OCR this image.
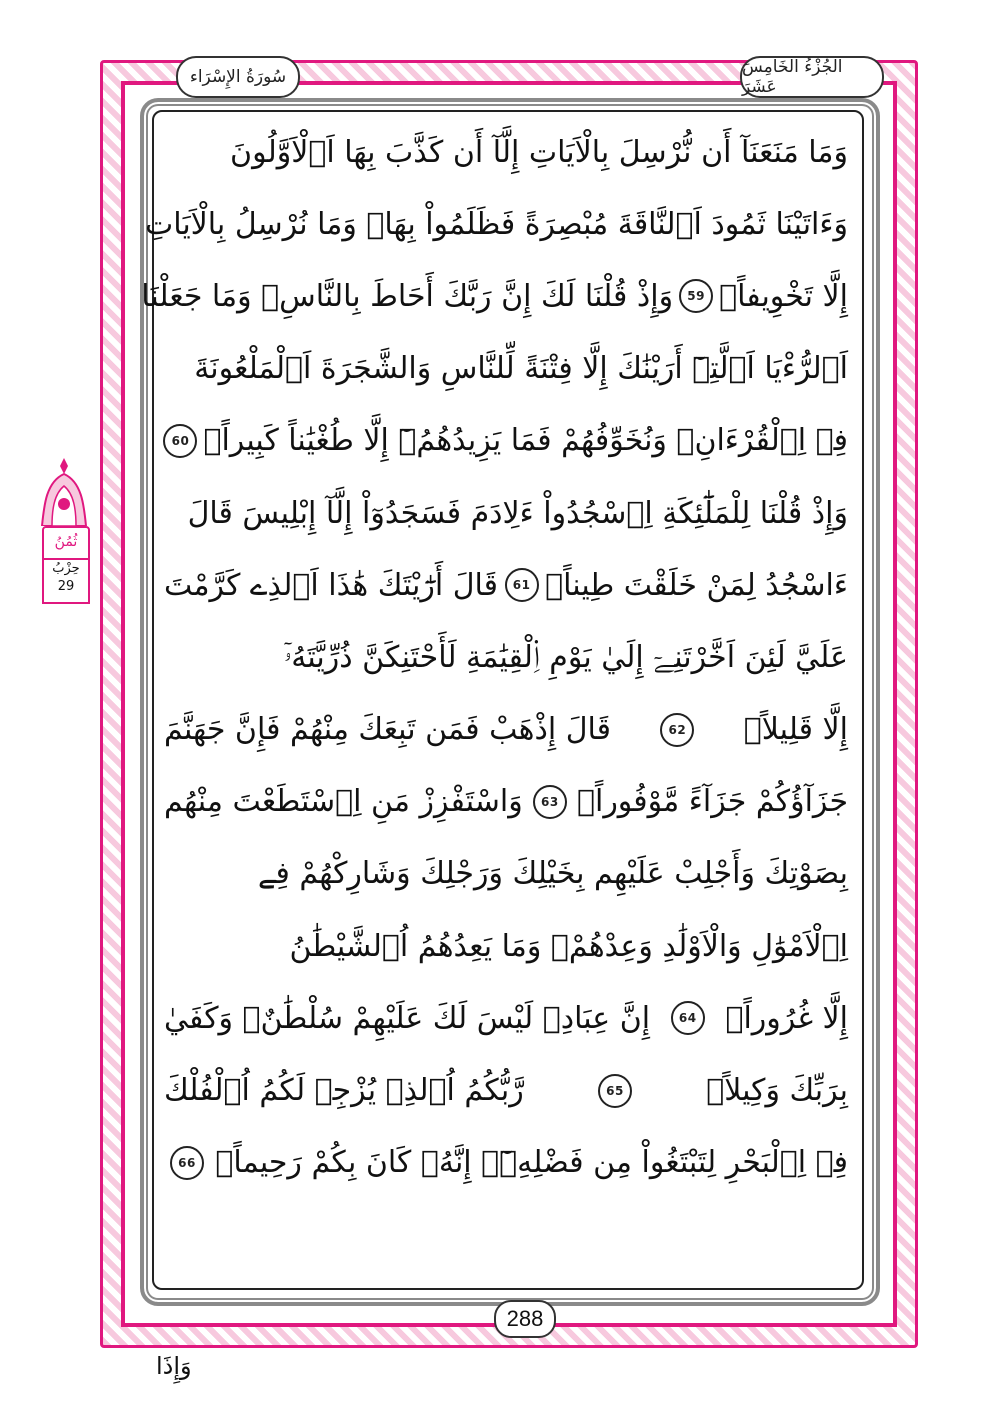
سُورَةُ الإِسْرَاء	الجُزْءُ الخَامِسَ عَشَرَ
وَمَا مَنَعَنَآ أَن نُّرْسِلَ بِالْاَيَاتِ إِلَّآ أَن كَذَّبَ بِهَا اَ۬لْاَوَّلُونَ
وَءَاتَيْنَا ثَمُودَ اَ۬لنَّاقَةَ مُبْصِرَةً فَظَلَمُواْ بِهَاۖ وَمَا نُرْسِلُ بِالْاَيَاتِ
إِلَّا تَخْوِيفاًۖ
59
وَإِذْ قُلْنَا لَكَ إِنَّ رَبَّكَ أَحَاطَ بِالنَّاسِۖ وَمَا جَعَلْنَا
اَ۬لرُّءْيَا اَ۬لَّتِےٓ أَرَيْنَٰكَ إِلَّا فِتْنَةً لِّلنَّاسِ وَالشَّجَرَةَ اَ۬لْمَلْعُونَةَ
فِے اِ۬لْقُرْءَانِۖ وَنُخَوِّفُهُمْ فَمَا يَزِيدُهُمُۥٓ إِلَّا طُغْيَٰناً كَبِيراًۖ
60
وَإِذْ قُلْنَا لِلْمَلَٰٓئِكَةِ اِ۪سْجُدُواْ ءَلِادَمَ فَسَجَدُوٓاْ إِلَّآ إِبْلِيسَ قَالَ
ءَاسْجُدُ لِمَنْ خَلَقْتَ طِيناًۖ
61
قَالَ أَرَٰٓيْتَكَ هَٰذَا اَ۬لذِے كَرَّمْتَ
عَلَيَّ لَئِنَ اَخَّرْتَنِےٓ إِلَيٰ يَوْمِ اِ۬لْقِيَٰمَةِ لَأَحْتَنِكَنَّ ذُرِّيَّتَهُۥٓ
إِلَّا قَلِيلاًۖ
62
قَالَ إِذْهَبْ فَمَن تَبِعَكَ مِنْهُمْ فَإِنَّ جَهَنَّمَ
جَزَآؤُكُمْ جَزَآءً مَّوْفُوراًۖ
63
وَاسْتَفْزِزْ مَنِ اِ۪سْتَطَعْتَ مِنْهُم
بِصَوْتِكَ وَأَجْلِبْ عَلَيْهِم بِخَيْلِكَ وَرَجْلِكَ وَشَارِكْهُمْ فِے
اِ۬لْاَمْوَٰلِ وَالْاَوْلَٰدِ وَعِدْهُمْۖ وَمَا يَعِدُهُمُ اُ۬لشَّيْطَٰنُ
إِلَّا غُرُوراًۖ
64
إِنَّ عِبَادِے لَيْسَ لَكَ عَلَيْهِمْ سُلْطَٰنٌۖ وَكَفَيٰ
بِرَبِّكَ وَكِيلاًۖ
65
رَّبُّكُمُ اُ۬لذِے يُزْجِے لَكُمُ اُ۬لْفُلْكَ
فِے اِ۬لْبَحْرِ لِتَبْتَغُواْ مِن فَضْلِهِۦٓۖ إِنَّهُۥ كَانَ بِكُمْ رَحِيماًۖ
66
288
وَإِذَا
ثُمُنُ
حِزْبُ
29
